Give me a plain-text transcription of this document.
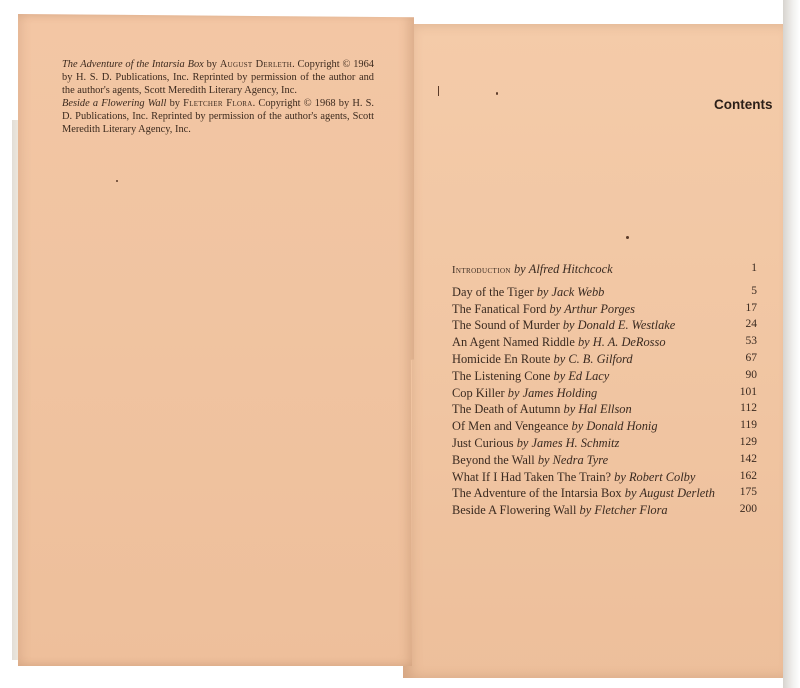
The Adventure of the Intarsia Box by August Derleth. Copyright © 1964 by H. S. D. Publications, Inc. Reprinted by permission of the author and the author's agents, Scott Meredith Literary Agency, Inc.
Beside a Flowering Wall by Fletcher Flora. Copyright © 1968 by H. S. D. Publications, Inc. Reprinted by permission of the author's agents, Scott Meredith Literary Agency, Inc.
Contents
Introduction by Alfred Hitchcock	1
Day of the Tiger by Jack Webb	5
The Fanatical Ford by Arthur Porges	17
The Sound of Murder by Donald E. Westlake	24
An Agent Named Riddle by H. A. DeRosso	53
Homicide En Route by C. B. Gilford	67
The Listening Cone by Ed Lacy	90
Cop Killer by James Holding	101
The Death of Autumn by Hal Ellson	112
Of Men and Vengeance by Donald Honig	119
Just Curious by James H. Schmitz	129
Beyond the Wall by Nedra Tyre	142
What If I Had Taken The Train? by Robert Colby	162
The Adventure of the Intarsia Box by August Derleth 175
Beside A Flowering Wall by Fletcher Flora	200
